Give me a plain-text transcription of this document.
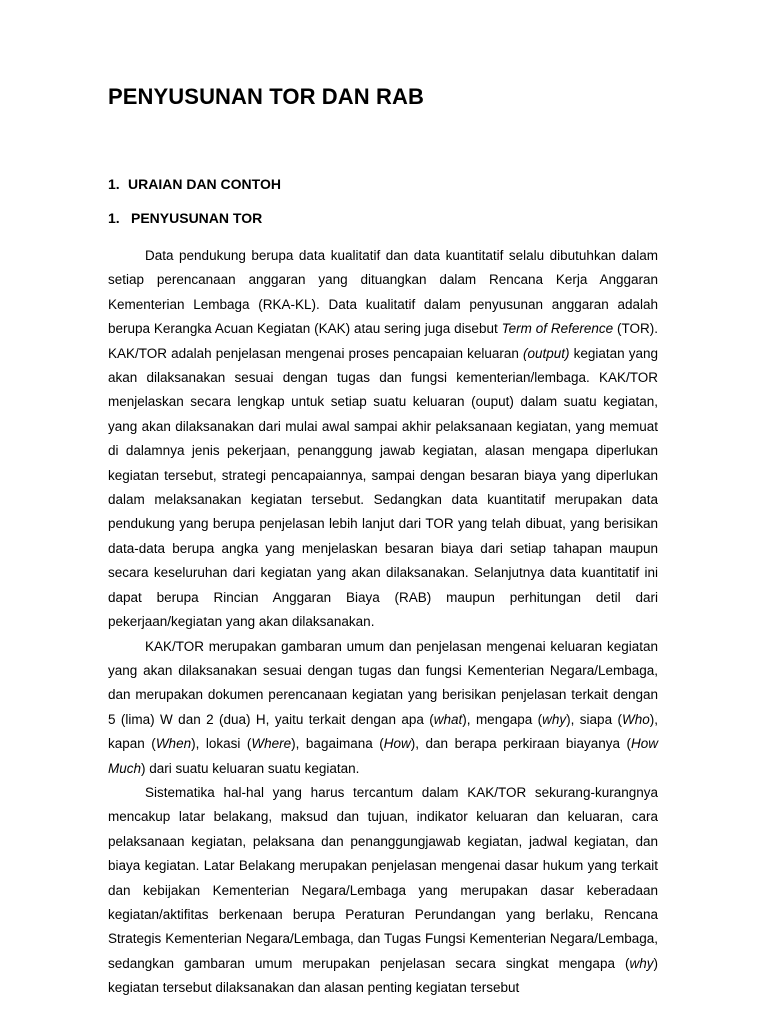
PENYUSUNAN TOR DAN RAB
1. URAIAN DAN CONTOH
1. PENYUSUNAN TOR

Data pendukung berupa data kualitatif dan data kuantitatif selalu dibutuhkan dalam setiap perencanaan anggaran yang dituangkan dalam Rencana Kerja Anggaran Kementerian Lembaga (RKA-KL). Data kualitatif dalam penyusunan anggaran adalah berupa Kerangka Acuan Kegiatan (KAK) atau sering juga disebut Term of Reference (TOR). KAK/TOR adalah penjelasan mengenai proses pencapaian keluaran (output) kegiatan yang akan dilaksanakan sesuai dengan tugas dan fungsi kementerian/lembaga. KAK/TOR menjelaskan secara lengkap untuk setiap suatu keluaran (ouput) dalam suatu kegiatan, yang akan dilaksanakan dari mulai awal sampai akhir pelaksanaan kegiatan, yang memuat di dalamnya jenis pekerjaan, penanggung jawab kegiatan, alasan mengapa diperlukan kegiatan tersebut, strategi pencapaiannya, sampai dengan besaran biaya yang diperlukan dalam melaksanakan kegiatan tersebut. Sedangkan data kuantitatif merupakan data pendukung yang berupa penjelasan lebih lanjut dari TOR yang telah dibuat, yang berisikan data-data berupa angka yang menjelaskan besaran biaya dari setiap tahapan maupun secara keseluruhan dari kegiatan yang akan dilaksanakan. Selanjutnya data kuantitatif ini dapat berupa Rincian Anggaran Biaya (RAB) maupun perhitungan detil dari pekerjaan/kegiatan yang akan dilaksanakan.

KAK/TOR merupakan gambaran umum dan penjelasan mengenai keluaran kegiatan yang akan dilaksanakan sesuai dengan tugas dan fungsi Kementerian Negara/Lembaga, dan merupakan dokumen perencanaan kegiatan yang berisikan penjelasan terkait dengan 5 (lima) W dan 2 (dua) H, yaitu terkait dengan apa (what), mengapa (why), siapa (Who), kapan (When), lokasi (Where), bagaimana (How), dan berapa perkiraan biayanya (How Much) dari suatu keluaran suatu kegiatan.

Sistematika hal-hal yang harus tercantum dalam KAK/TOR sekurang-kurangnya mencakup latar belakang, maksud dan tujuan, indikator keluaran dan keluaran, cara pelaksanaan kegiatan, pelaksana dan penanggungjawab kegiatan, jadwal kegiatan, dan biaya kegiatan. Latar Belakang merupakan penjelasan mengenai dasar hukum yang terkait dan kebijakan Kementerian Negara/Lembaga yang merupakan dasar keberadaan kegiatan/aktifitas berkenaan berupa Peraturan Perundangan yang berlaku, Rencana Strategis Kementerian Negara/Lembaga, dan Tugas Fungsi Kementerian Negara/Lembaga, sedangkan gambaran umum merupakan penjelasan secara singkat mengapa (why) kegiatan tersebut dilaksanakan dan alasan penting kegiatan tersebut
